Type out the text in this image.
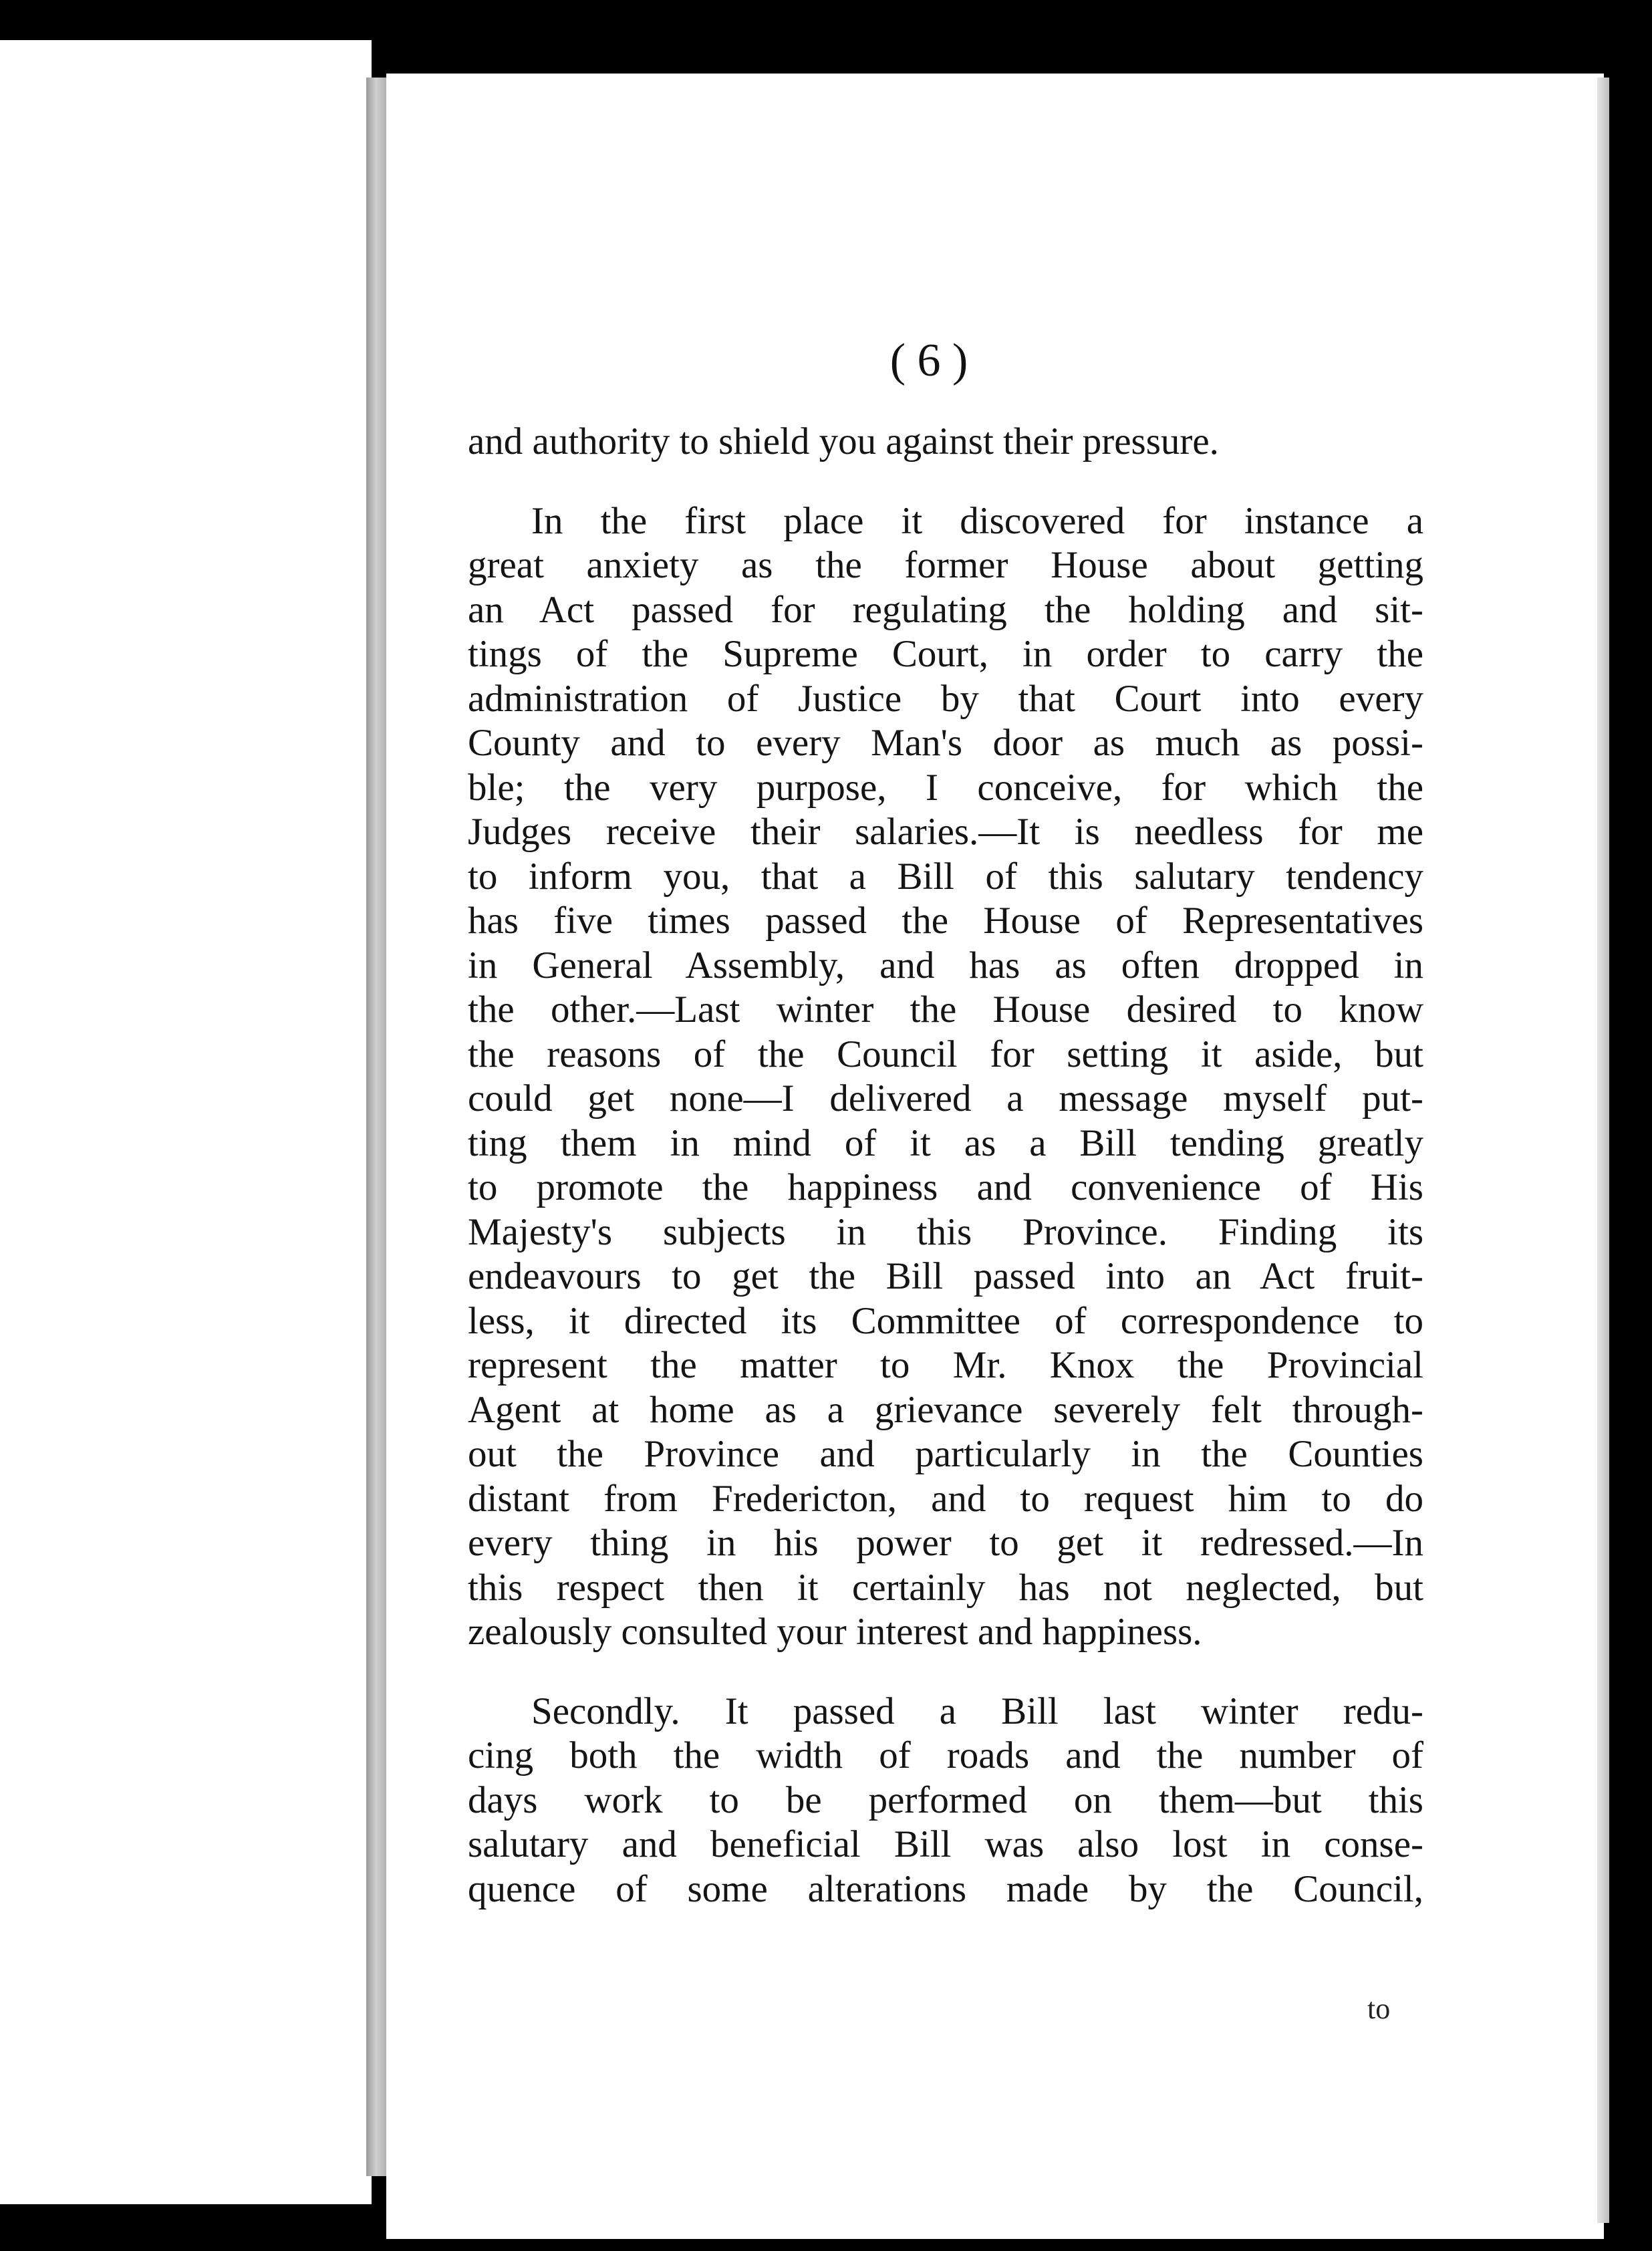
( 6 )
and authority to shield you against their pressure.
In the first place it discovered for instance a
great anxiety as the former House about getting
an Act passed for regulating the holding and sit-
tings of the Supreme Court, in order to carry the
administration of Justice by that Court into every
County and to every Man's door as much as possi-
ble; the very purpose, I conceive, for which the
Judges receive their salaries.—It is needless for me
to inform you, that a Bill of this salutary tendency
has five times passed the House of Representatives
in General Assembly, and has as often dropped in
the other.—Last winter the House desired to know
the reasons of the Council for setting it aside, but
could get none—I delivered a message myself put-
ting them in mind of it as a Bill tending greatly
to promote the happiness and convenience of His
Majesty's subjects in this Province. Finding its
endeavours to get the Bill passed into an Act fruit-
less, it directed its Committee of correspondence to
represent the matter to Mr. Knox the Provincial
Agent at home as a grievance severely felt through-
out the Province and particularly in the Counties
distant from Fredericton, and to request him to do
every thing in his power to get it redressed.—In
this respect then it certainly has not neglected, but
zealously consulted your interest and happiness.
Secondly. It passed a Bill last winter redu-
cing both the width of roads and the number of
days work to be performed on them—but this
salutary and beneficial Bill was also lost in conse-
quence of some alterations made by the Council,
to
